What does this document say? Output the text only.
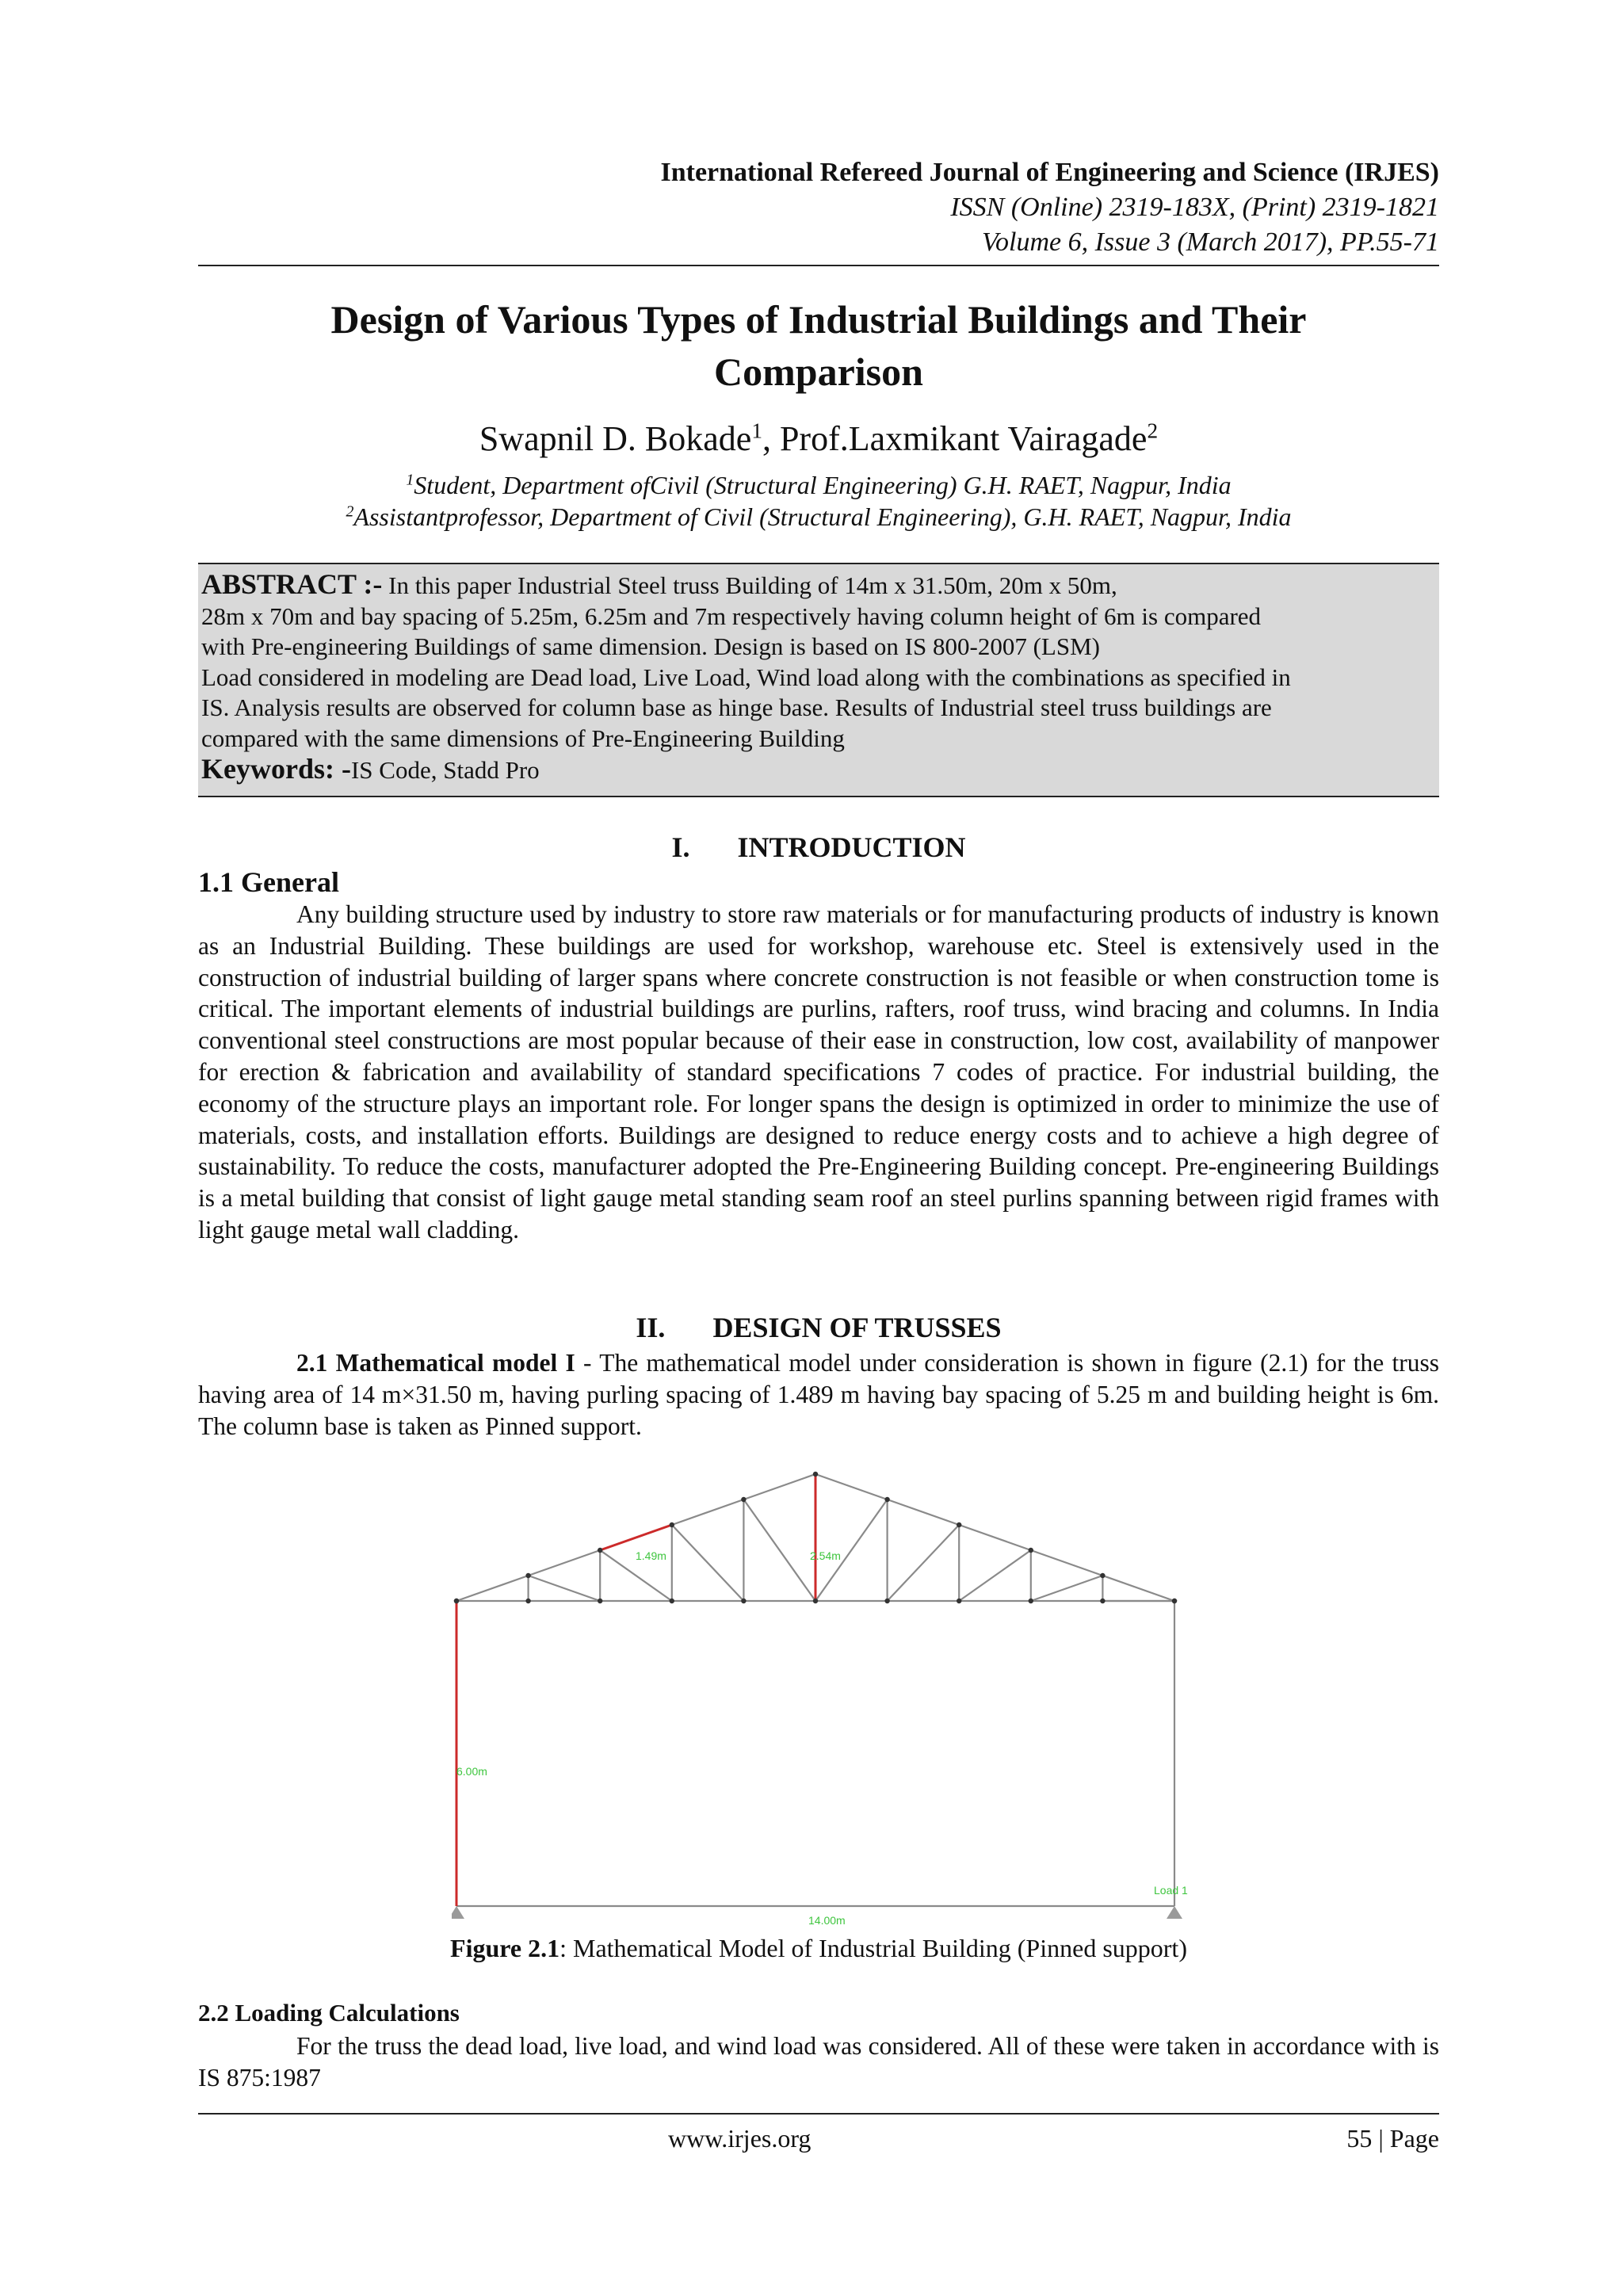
International Refereed Journal of Engineering and Science (IRJES)
ISSN (Online) 2319-183X, (Print) 2319-1821
Volume 6, Issue 3 (March 2017), PP.55-71
Design of Various Types of Industrial Buildings and Their
Comparison
Swapnil D. Bokade$^1$, Prof.Laxmikant Vairagade$^2$
$^1$Student, Department ofCivil (Structural Engineering) G.H. RAET, Nagpur, India
$^2$Assistantprofessor, Department of Civil (Structural Engineering), G.H. RAET, Nagpur, India

ABSTRACT :- In this paper Industrial Steel truss Building of 14m x 31.50m, 20m x 50m,

28m x 70m and bay spacing of 5.25m, 6.25m and 7m respectively having column height of 6m is compared

with Pre-engineering Buildings of same dimension. Design is based on IS 800-2007 (LSM)

Load considered in modeling are Dead load, Live Load, Wind load along with the combinations as specified in

IS. Analysis results are observed for column base as hinge base. Results of Industrial steel truss buildings are

compared with the same dimensions of Pre-Engineering Building

Keywords: -IS Code, Stadd Pro

I. INTRODUCTION
1.1 General

Any building structure used by industry to store raw materials or for manufacturing products of industry is known as an Industrial Building. These buildings are used for workshop, warehouse etc. Steel is extensively used in the construction of industrial building of larger spans where concrete construction is not feasible or when construction tome is critical. The important elements of industrial buildings are purlins, rafters, roof truss, wind bracing and columns. In India conventional steel constructions are most popular because of their ease in construction, low cost, availability of manpower for erection & fabrication and availability of standard specifications 7 codes of practice. For industrial building, the economy of the structure plays an important role. For longer spans the design is optimized in order to minimize the use of materials, costs, and installation efforts. Buildings are designed to reduce energy costs and to achieve a high degree of sustainability. To reduce the costs, manufacturer adopted the Pre-Engineering Building concept. Pre-engineering Buildings is a metal building that consist of light gauge metal standing seam roof an steel purlins spanning between rigid frames with light gauge metal wall cladding.

II. DESIGN OF TRUSSES

2.1 Mathematical model I - The mathematical model under consideration is shown in figure (2.1) for the truss having area of 14 m×31.50 m, having purling spacing of 1.489 m having bay spacing of 5.25 m and building height is 6m. The column base is taken as Pinned support.

1.49m	2.54m
6.00m
14.00m
Load 1
Figure 2.1: Mathematical Model of Industrial Building (Pinned support)
2.2 Loading Calculations

For the truss the dead load, live load, and wind load was considered. All of these were taken in accordance with is IS 875:1987

www.irjes.org	55 | Page
